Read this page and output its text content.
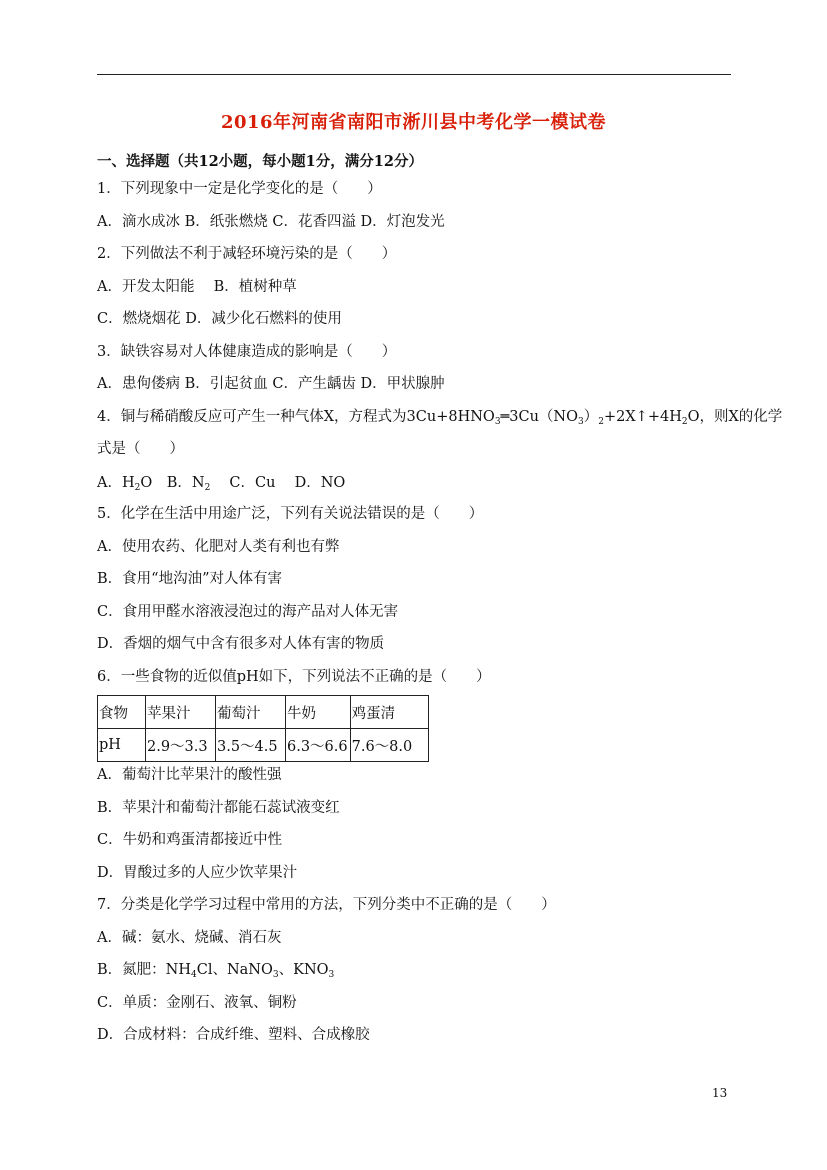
2016年河南省南阳市淅川县中考化学一模试卷
一、选择题（共12小题，每小题1分，满分12分）
1．下列现象中一定是化学变化的是（　　）
A．滴水成冰 B．纸张燃烧 C．花香四溢 D．灯泡发光
2．下列做法不利于减轻环境污染的是（　　）
A．开发太阳能　 B．植树种草
C．燃烧烟花 D．减少化石燃料的使用
3．缺铁容易对人体健康造成的影响是（　　）
A．患佝偻病 B．引起贫血 C．产生龋齿 D．甲状腺肿
4．铜与稀硝酸反应可产生一种气体X，方程式为$3Cu+8HNO_3═3Cu(NO_3)_2+2X↑+4H_2O$，则X的化学
式是（　　）
A．$H_2O$　B．$N_2$　 C．Cu　 D．NO
5．化学在生活中用途广泛，下列有关说法错误的是（　　）
A．使用农药、化肥对人类有利也有弊
B．食用“地沟油”对人体有害
C．食用甲醛水溶液浸泡过的海产品对人体无害
D．香烟的烟气中含有很多对人体有害的物质
6．一些食物的近似值pH如下，下列说法不正确的是（　　）
食物	苹果汁	葡萄汁	牛奶	鸡蛋清
pH	2.9～3.3	3.5～4.5	6.3～6.6	7.6～8.0
A．葡萄汁比苹果汁的酸性强
B．苹果汁和葡萄汁都能石蕊试液变红
C．牛奶和鸡蛋清都接近中性
D．胃酸过多的人应少饮苹果汁
7．分类是化学学习过程中常用的方法，下列分类中不正确的是（　　）
A．碱：氨水、烧碱、消石灰
B．氮肥：$NH_4Cl$、NaNO$_3$、$KNO_3$
C．单质：金刚石、液氧、铜粉
D．合成材料：合成纤维、塑料、合成橡胶
13
